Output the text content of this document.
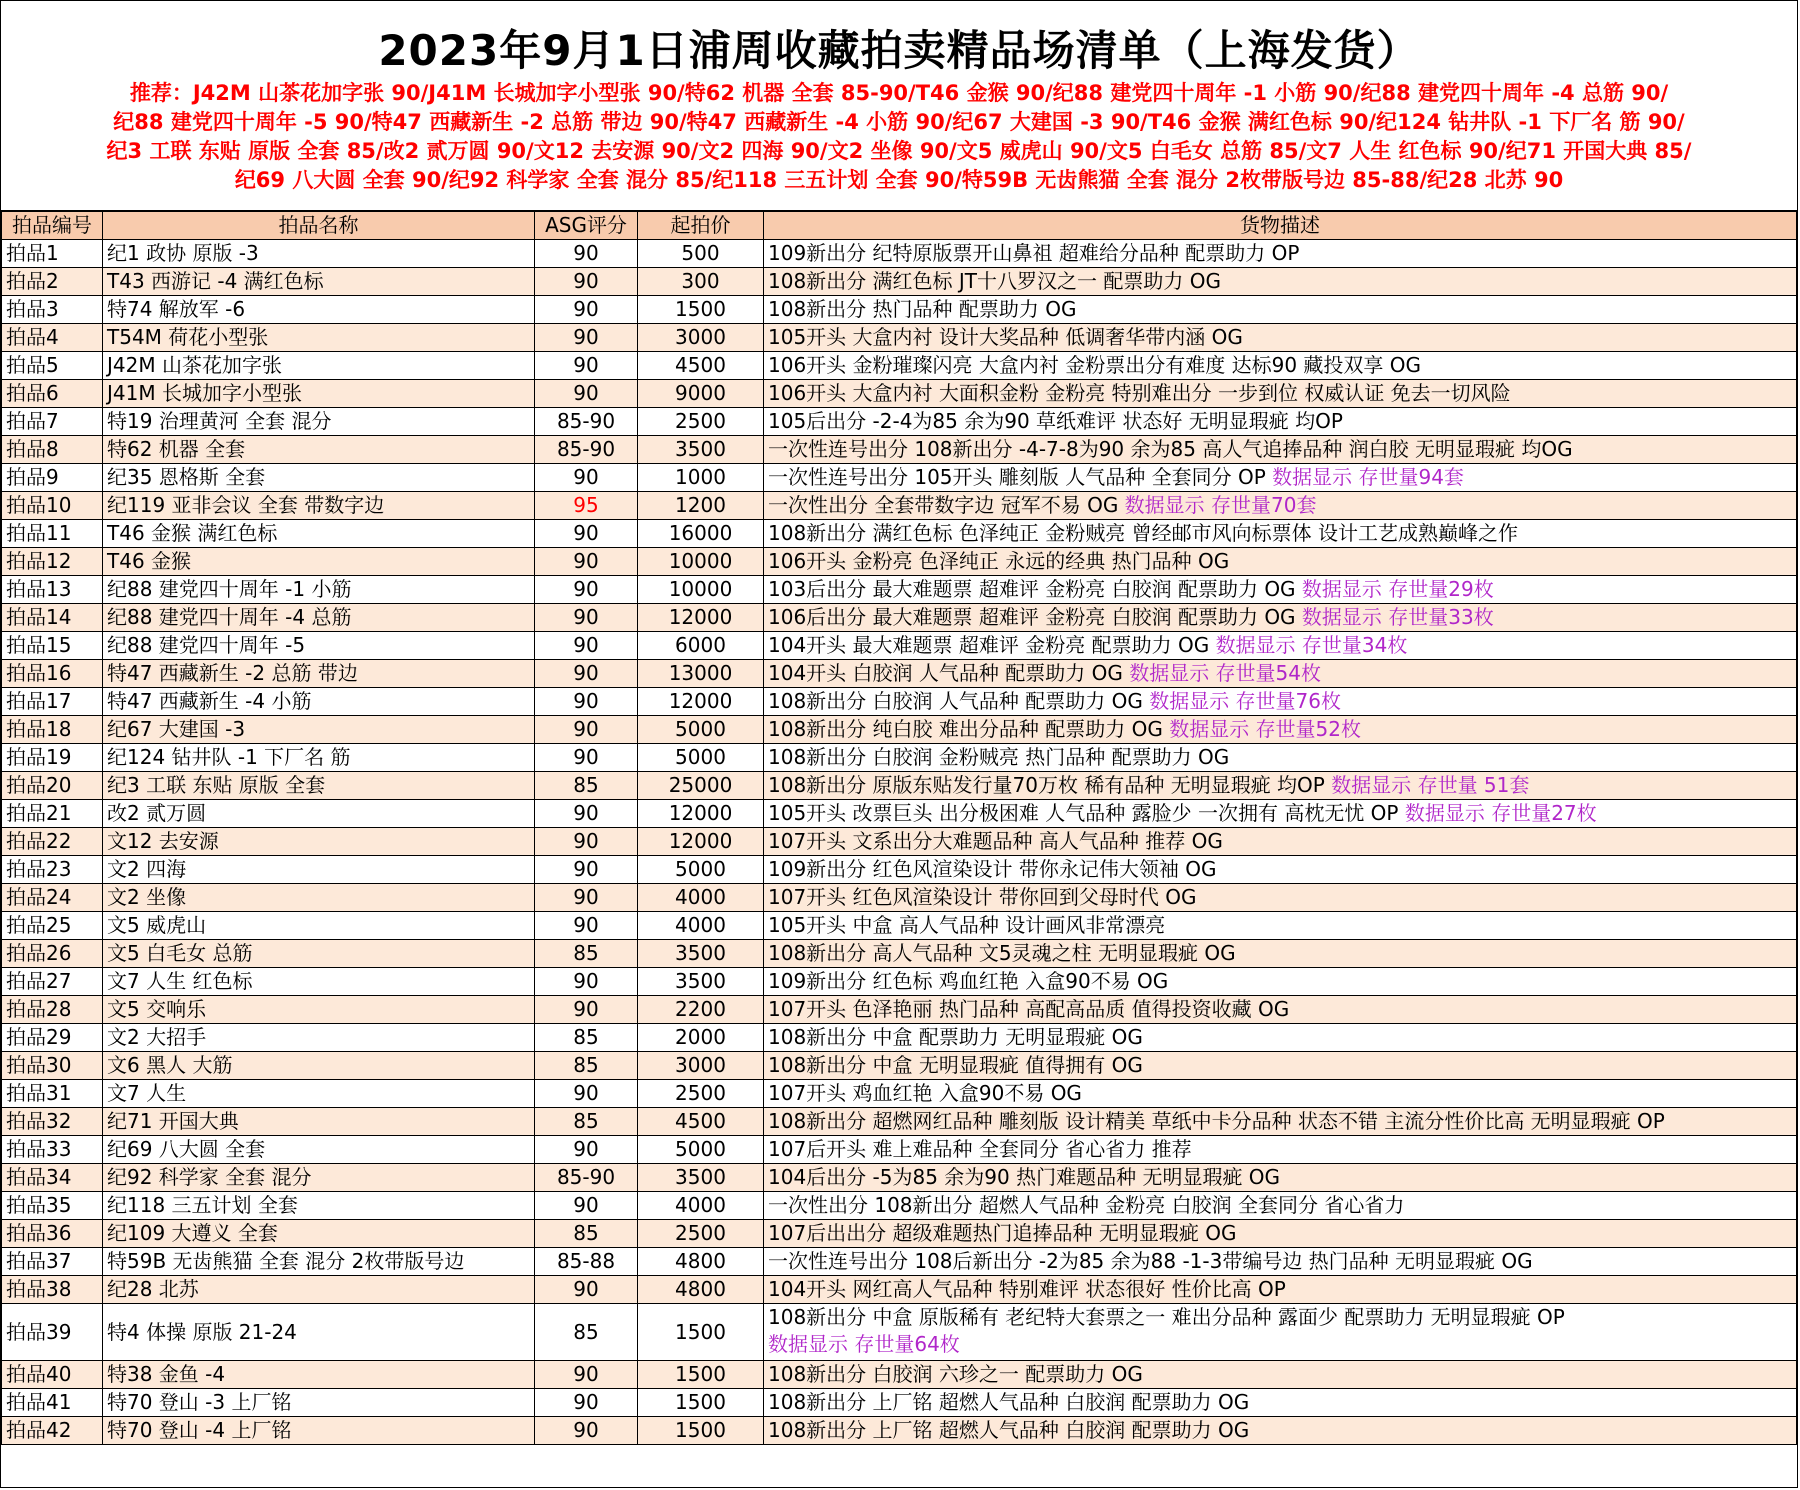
2023年9月1日浦周收藏拍卖精品场清单（上海发货）
推荐：J42M 山茶花加字张 90/J41M 长城加字小型张 90/特62 机器 全套 85-90/T46 金猴 90/纪88 建党四十周年 -1 小筋 90/纪88 建党四十周年 -4 总筋 90/
纪88 建党四十周年 -5 90/特47 西藏新生 -2 总筋 带边 90/特47 西藏新生 -4 小筋 90/纪67 大建国 -3 90/T46 金猴 满红色标 90/纪124 钻井队 -1 下厂名 筋 90/
纪3 工联 东贴 原版 全套 85/改2 贰万圆 90/文12 去安源 90/文2 四海 90/文2 坐像 90/文5 威虎山 90/文5 白毛女 总筋 85/文7 人生 红色标 90/纪71 开国大典 85/
纪69 八大圆 全套 90/纪92 科学家 全套 混分 85/纪118 三五计划 全套 90/特59B 无齿熊猫 全套 混分 2枚带版号边 85-88/纪28 北苏 90
拍品编号	拍品名称	ASG评分	起拍价	货物描述
拍品1	纪1 政协 原版 -3	90	500	109新出分 纪特原版票开山鼻祖 超难给分品种 配票助力 OP
拍品2	T43 西游记 -4 满红色标	90	300	108新出分 满红色标 JT十八罗汉之一 配票助力 OG
拍品3	特74 解放军 -6	90	1500	108新出分 热门品种 配票助力 OG
拍品4	T54M 荷花小型张	90	3000	105开头 大盒内衬 设计大奖品种 低调奢华带内涵 OG
拍品5	J42M 山茶花加字张	90	4500	106开头 金粉璀璨闪亮 大盒内衬 金粉票出分有难度 达标90 藏投双享 OG
拍品6	J41M 长城加字小型张	90	9000	106开头 大盒内衬 大面积金粉 金粉亮 特别难出分 一步到位 权威认证 免去一切风险
拍品7	特19 治理黄河 全套 混分	85-90	2500	105后出分 -2-4为85 余为90 草纸难评 状态好 无明显瑕疵 均OP
拍品8	特62 机器 全套	85-90	3500	一次性连号出分 108新出分 -4-7-8为90 余为85 高人气追捧品种 润白胶 无明显瑕疵 均OG
拍品9	纪35 恩格斯 全套	90	1000	一次性连号出分 105开头 雕刻版 人气品种 全套同分 OP 数据显示 存世量94套
拍品10	纪119 亚非会议 全套 带数字边	95	1200	一次性出分 全套带数字边 冠军不易 OG 数据显示 存世量70套
拍品11	T46 金猴 满红色标	90	16000	108新出分 满红色标 色泽纯正 金粉贼亮 曾经邮市风向标票体 设计工艺成熟巅峰之作
拍品12	T46 金猴	90	10000	106开头 金粉亮 色泽纯正 永远的经典 热门品种 OG
拍品13	纪88 建党四十周年 -1 小筋	90	10000	103后出分 最大难题票 超难评 金粉亮 白胶润 配票助力 OG 数据显示 存世量29枚
拍品14	纪88 建党四十周年 -4 总筋	90	12000	106后出分 最大难题票 超难评 金粉亮 白胶润 配票助力 OG 数据显示 存世量33枚
拍品15	纪88 建党四十周年 -5	90	6000	104开头 最大难题票 超难评 金粉亮 配票助力 OG 数据显示 存世量34枚
拍品16	特47 西藏新生 -2 总筋 带边	90	13000	104开头 白胶润 人气品种 配票助力 OG 数据显示 存世量54枚
拍品17	特47 西藏新生 -4 小筋	90	12000	108新出分 白胶润 人气品种 配票助力 OG 数据显示 存世量76枚
拍品18	纪67 大建国 -3	90	5000	108新出分 纯白胶 难出分品种 配票助力 OG 数据显示 存世量52枚
拍品19	纪124 钻井队 -1 下厂名 筋	90	5000	108新出分 白胶润 金粉贼亮 热门品种 配票助力 OG
拍品20	纪3 工联 东贴 原版 全套	85	25000	108新出分 原版东贴发行量70万枚 稀有品种 无明显瑕疵 均OP 数据显示 存世量 51套
拍品21	改2 贰万圆	90	12000	105开头 改票巨头 出分极困难 人气品种 露脸少 一次拥有 高枕无忧 OP 数据显示 存世量27枚
拍品22	文12 去安源	90	12000	107开头 文系出分大难题品种 高人气品种 推荐 OG
拍品23	文2 四海	90	5000	109新出分 红色风渲染设计 带你永记伟大领袖 OG
拍品24	文2 坐像	90	4000	107开头 红色风渲染设计 带你回到父母时代 OG
拍品25	文5 威虎山	90	4000	105开头 中盒 高人气品种 设计画风非常漂亮
拍品26	文5 白毛女 总筋	85	3500	108新出分 高人气品种 文5灵魂之柱 无明显瑕疵 OG
拍品27	文7 人生 红色标	90	3500	109新出分 红色标 鸡血红艳 入盒90不易 OG
拍品28	文5 交响乐	90	2200	107开头 色泽艳丽 热门品种 高配高品质 值得投资收藏 OG
拍品29	文2 大招手	85	2000	108新出分 中盒 配票助力 无明显瑕疵 OG
拍品30	文6 黑人 大筋	85	3000	108新出分 中盒 无明显瑕疵 值得拥有 OG
拍品31	文7 人生	90	2500	107开头 鸡血红艳 入盒90不易 OG
拍品32	纪71 开国大典	85	4500	108新出分 超燃网红品种 雕刻版 设计精美 草纸中卡分品种 状态不错 主流分性价比高 无明显瑕疵 OP
拍品33	纪69 八大圆 全套	90	5000	107后开头 难上难品种 全套同分 省心省力 推荐
拍品34	纪92 科学家 全套 混分	85-90	3500	104后出分 -5为85 余为90 热门难题品种 无明显瑕疵 OG
拍品35	纪118 三五计划 全套	90	4000	一次性出分 108新出分 超燃人气品种 金粉亮 白胶润 全套同分 省心省力
拍品36	纪109 大遵义 全套	85	2500	107后出出分 超级难题热门追捧品种 无明显瑕疵 OG
拍品37	特59B 无齿熊猫 全套 混分 2枚带版号边	85-88	4800	一次性连号出分 108后新出分 -2为85 余为88 -1-3带编号边 热门品种 无明显瑕疵 OG
拍品38	纪28 北苏	90	4800	104开头 网红高人气品种 特别难评 状态很好 性价比高 OP
拍品39	特4 体操 原版 21-24	85	1500	108新出分 中盒 原版稀有 老纪特大套票之一 难出分品种 露面少 配票助力 无明显瑕疵 OP
数据显示 存世量64枚
拍品40	特38 金鱼 -4	90	1500	108新出分 白胶润 六珍之一 配票助力 OG
拍品41	特70 登山 -3 上厂铭	90	1500	108新出分 上厂铭 超燃人气品种 白胶润 配票助力 OG
拍品42	特70 登山 -4 上厂铭	90	1500	108新出分 上厂铭 超燃人气品种 白胶润 配票助力 OG
